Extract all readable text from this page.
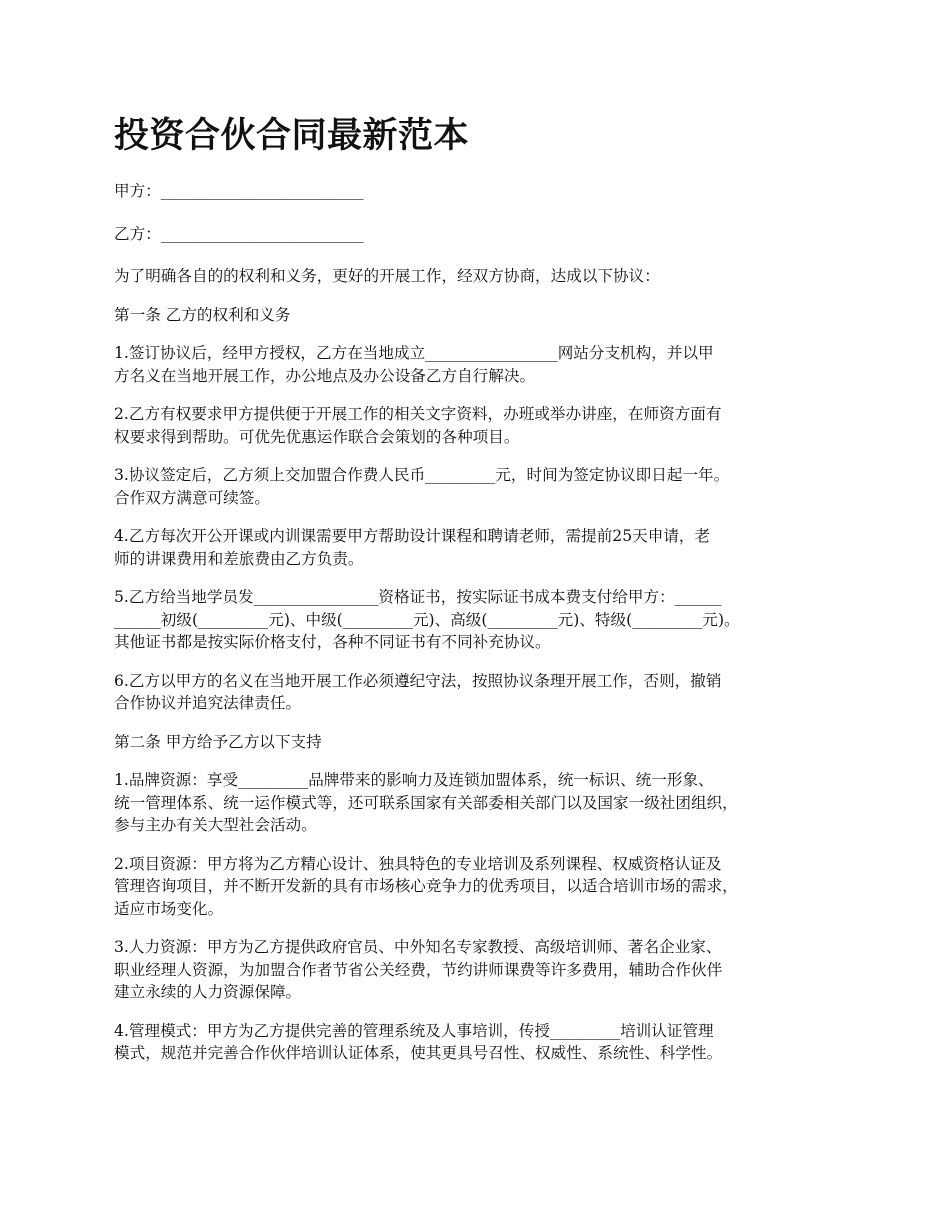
投资合伙合同最新范本

甲方：__________________________

乙方：__________________________

为了明确各自的的权利和义务，更好的开展工作，经双方协商，达成以下协议：

第一条 乙方的权利和义务

1.签订协议后，经甲方授权，乙方在当地成立_________________网站分支机构，并以甲
方名义在当地开展工作，办公地点及办公设备乙方自行解决。

2.乙方有权要求甲方提供便于开展工作的相关文字资料，办班或举办讲座，在师资方面有
权要求得到帮助。可优先优惠运作联合会策划的各种项目。

3.协议签定后，乙方须上交加盟合作费人民币_________元，时间为签定协议即日起一年。
合作双方满意可续签。

4.乙方每次开公开课或内训课需要甲方帮助设计课程和聘请老师，需提前25天申请，老
师的讲课费用和差旅费由乙方负责。

5.乙方给当地学员发________________资格证书，按实际证书成本费支付给甲方：______
______初级(_________元)、中级(_________元)、高级(_________元)、特级(_________元)。
其他证书都是按实际价格支付，各种不同证书有不同补充协议。

6.乙方以甲方的名义在当地开展工作必须遵纪守法，按照协议条理开展工作，否则，撤销
合作协议并追究法律责任。

第二条 甲方给予乙方以下支持

1.品牌资源：享受_________品牌带来的影响力及连锁加盟体系，统一标识、统一形象、
统一管理体系、统一运作模式等，还可联系国家有关部委相关部门以及国家一级社团组织，
参与主办有关大型社会活动。

2.项目资源：甲方将为乙方精心设计、独具特色的专业培训及系列课程、权威资格认证及
管理咨询项目，并不断开发新的具有市场核心竞争力的优秀项目，以适合培训市场的需求，
适应市场变化。

3.人力资源：甲方为乙方提供政府官员、中外知名专家教授、高级培训师、著名企业家、
职业经理人资源，为加盟合作者节省公关经费，节约讲师课费等许多费用，辅助合作伙伴
建立永续的人力资源保障。

4.管理模式：甲方为乙方提供完善的管理系统及人事培训，传授_________培训认证管理
模式，规范并完善合作伙伴培训认证体系，使其更具号召性、权威性、系统性、科学性。
